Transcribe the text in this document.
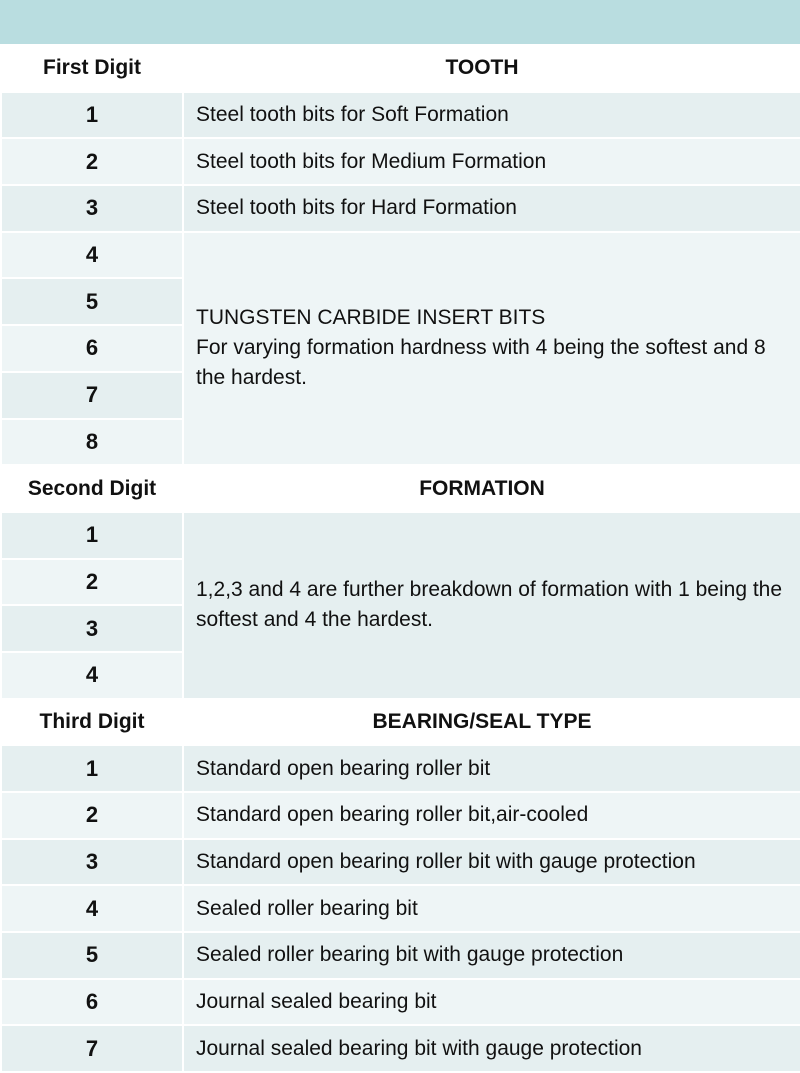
First Digit	TOOTH
1	Steel tooth bits for Soft Formation
2	Steel tooth bits for Medium Formation
3	Steel tooth bits for Hard Formation
4	TUNGSTEN CARBIDE INSERT BITS
For varying formation hardness with 4 being the softest and 8 the hardest.

5	
6	
7	
8	
Second Digit	FORMATION
1	1,2,3 and 4 are further breakdown of formation with 1 being the softest and 4 the hardest.

2	
3	
4	
Third Digit	BEARING/SEAL TYPE
1	Standard open bearing roller bit
2	Standard open bearing roller bit,air-cooled
3	Standard open bearing roller bit with gauge protection
4	Sealed roller bearing bit
5	Sealed roller bearing bit with gauge protection
6	Journal sealed bearing bit
7	Journal sealed bearing bit with gauge protection
